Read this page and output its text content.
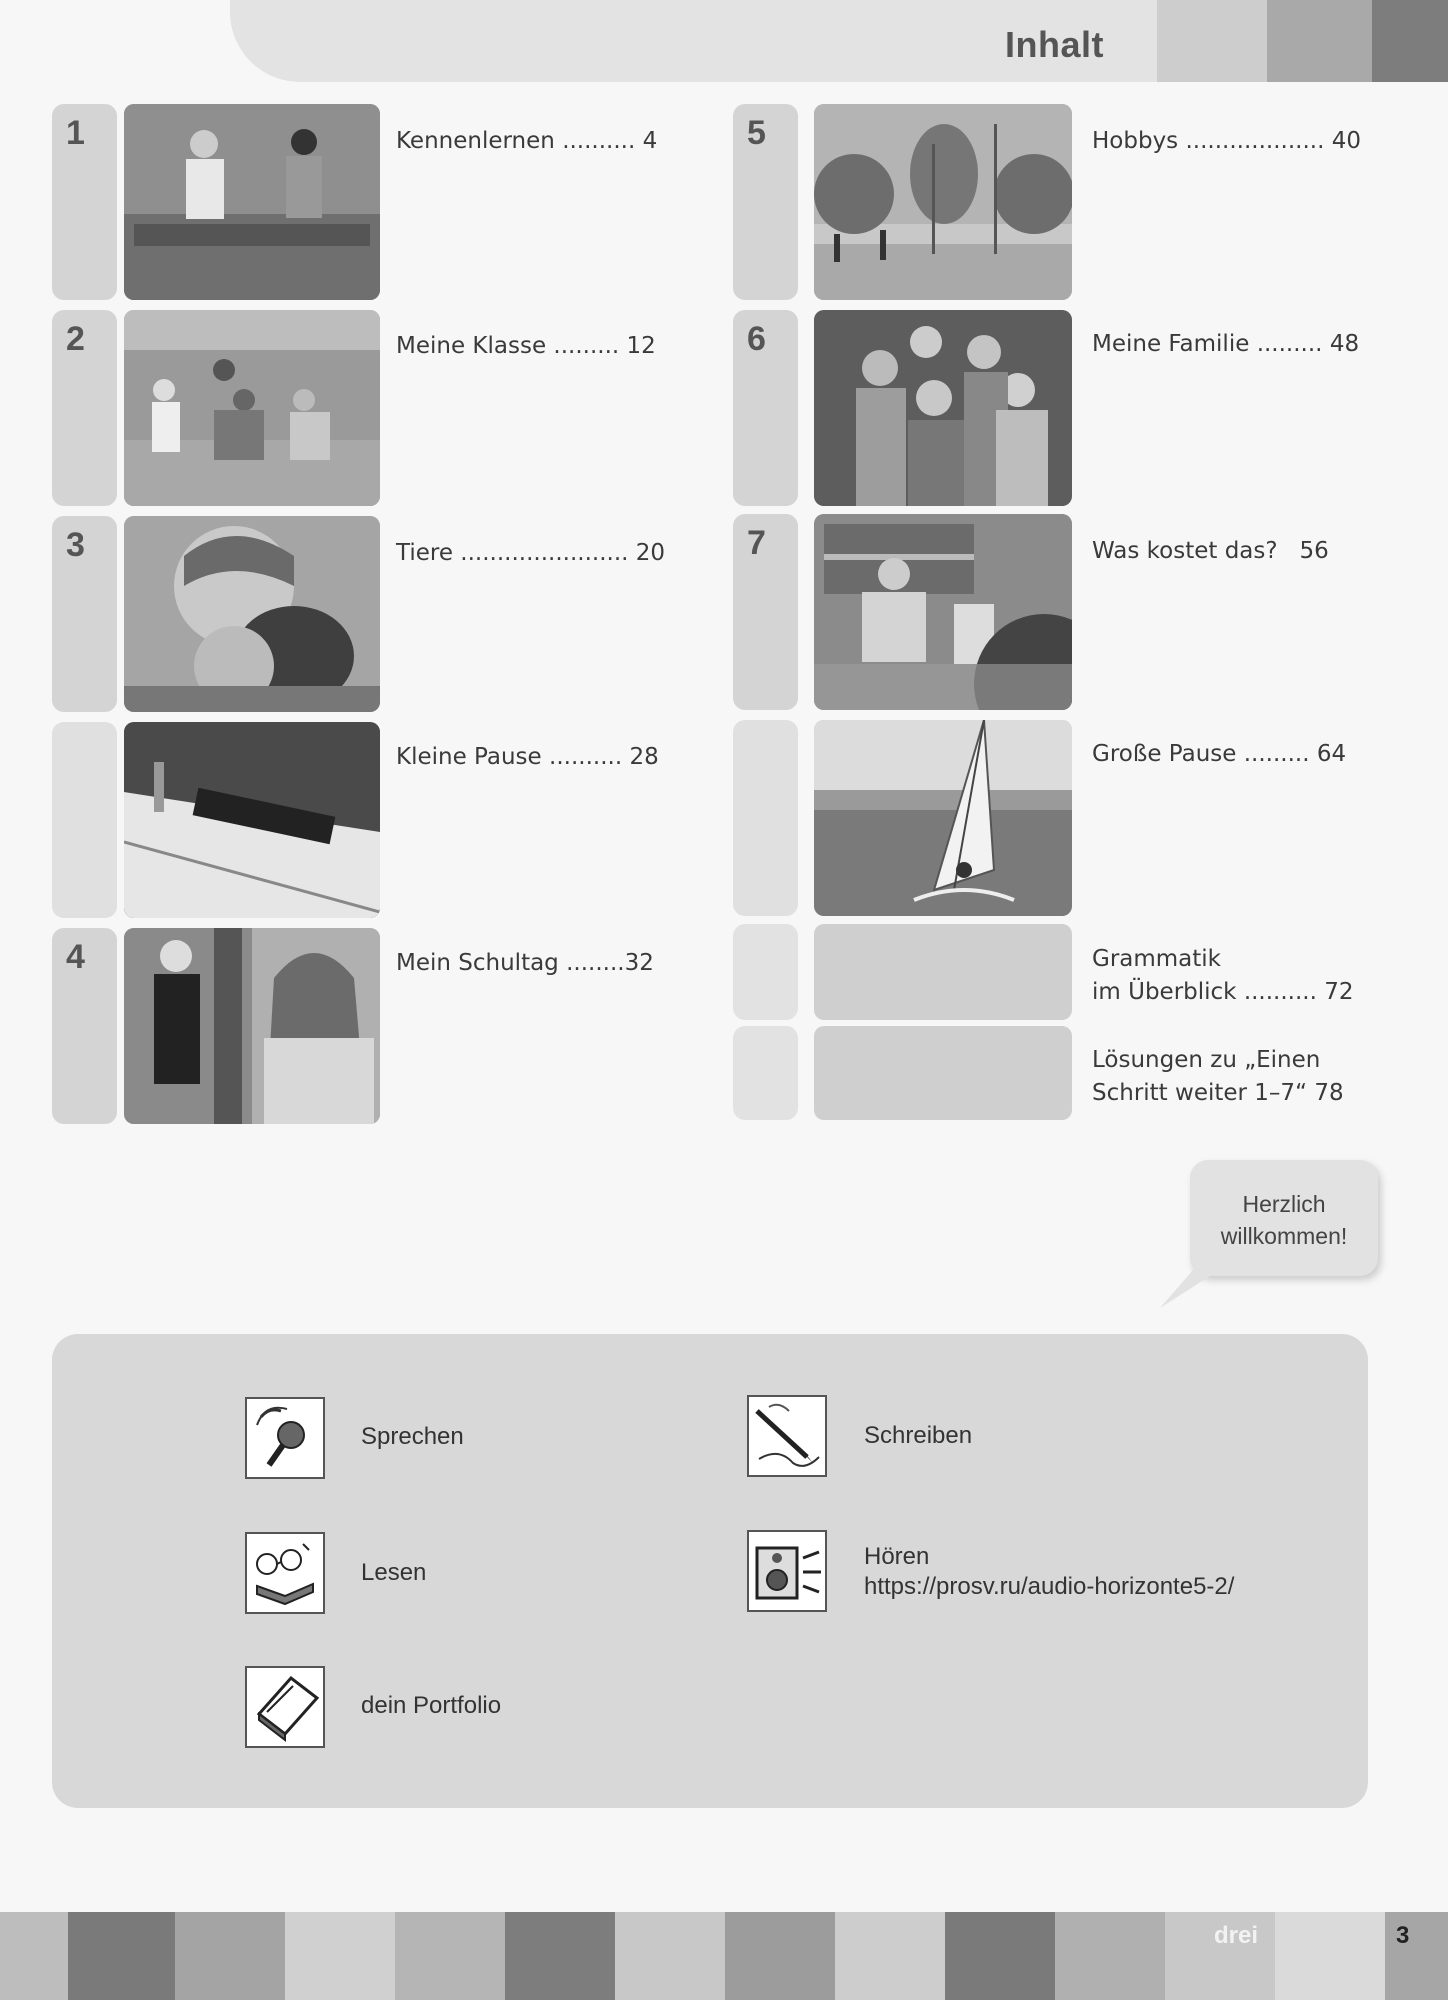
Inhalt
1	Kennenlernen .......... 4
2	Meine Klasse ......... 12
3	Tiere ....................... 20
Kleine Pause .......... 28
4	Mein Schultag ........32
5	Hobbys ................... 40
6	Meine Familie ......... 48
7	Was kostet das? 56
Große Pause ......... 64
Grammatik
im Überblick .......... 72
Lösungen zu „Einen
Schritt weiter 1–7“ 78
Herzlich
willkommen!
Sprechen	Schreiben
Lesen
Hören
https://prosv.ru/audio-horizonte5-2/
dein Portfolio
drei	3
